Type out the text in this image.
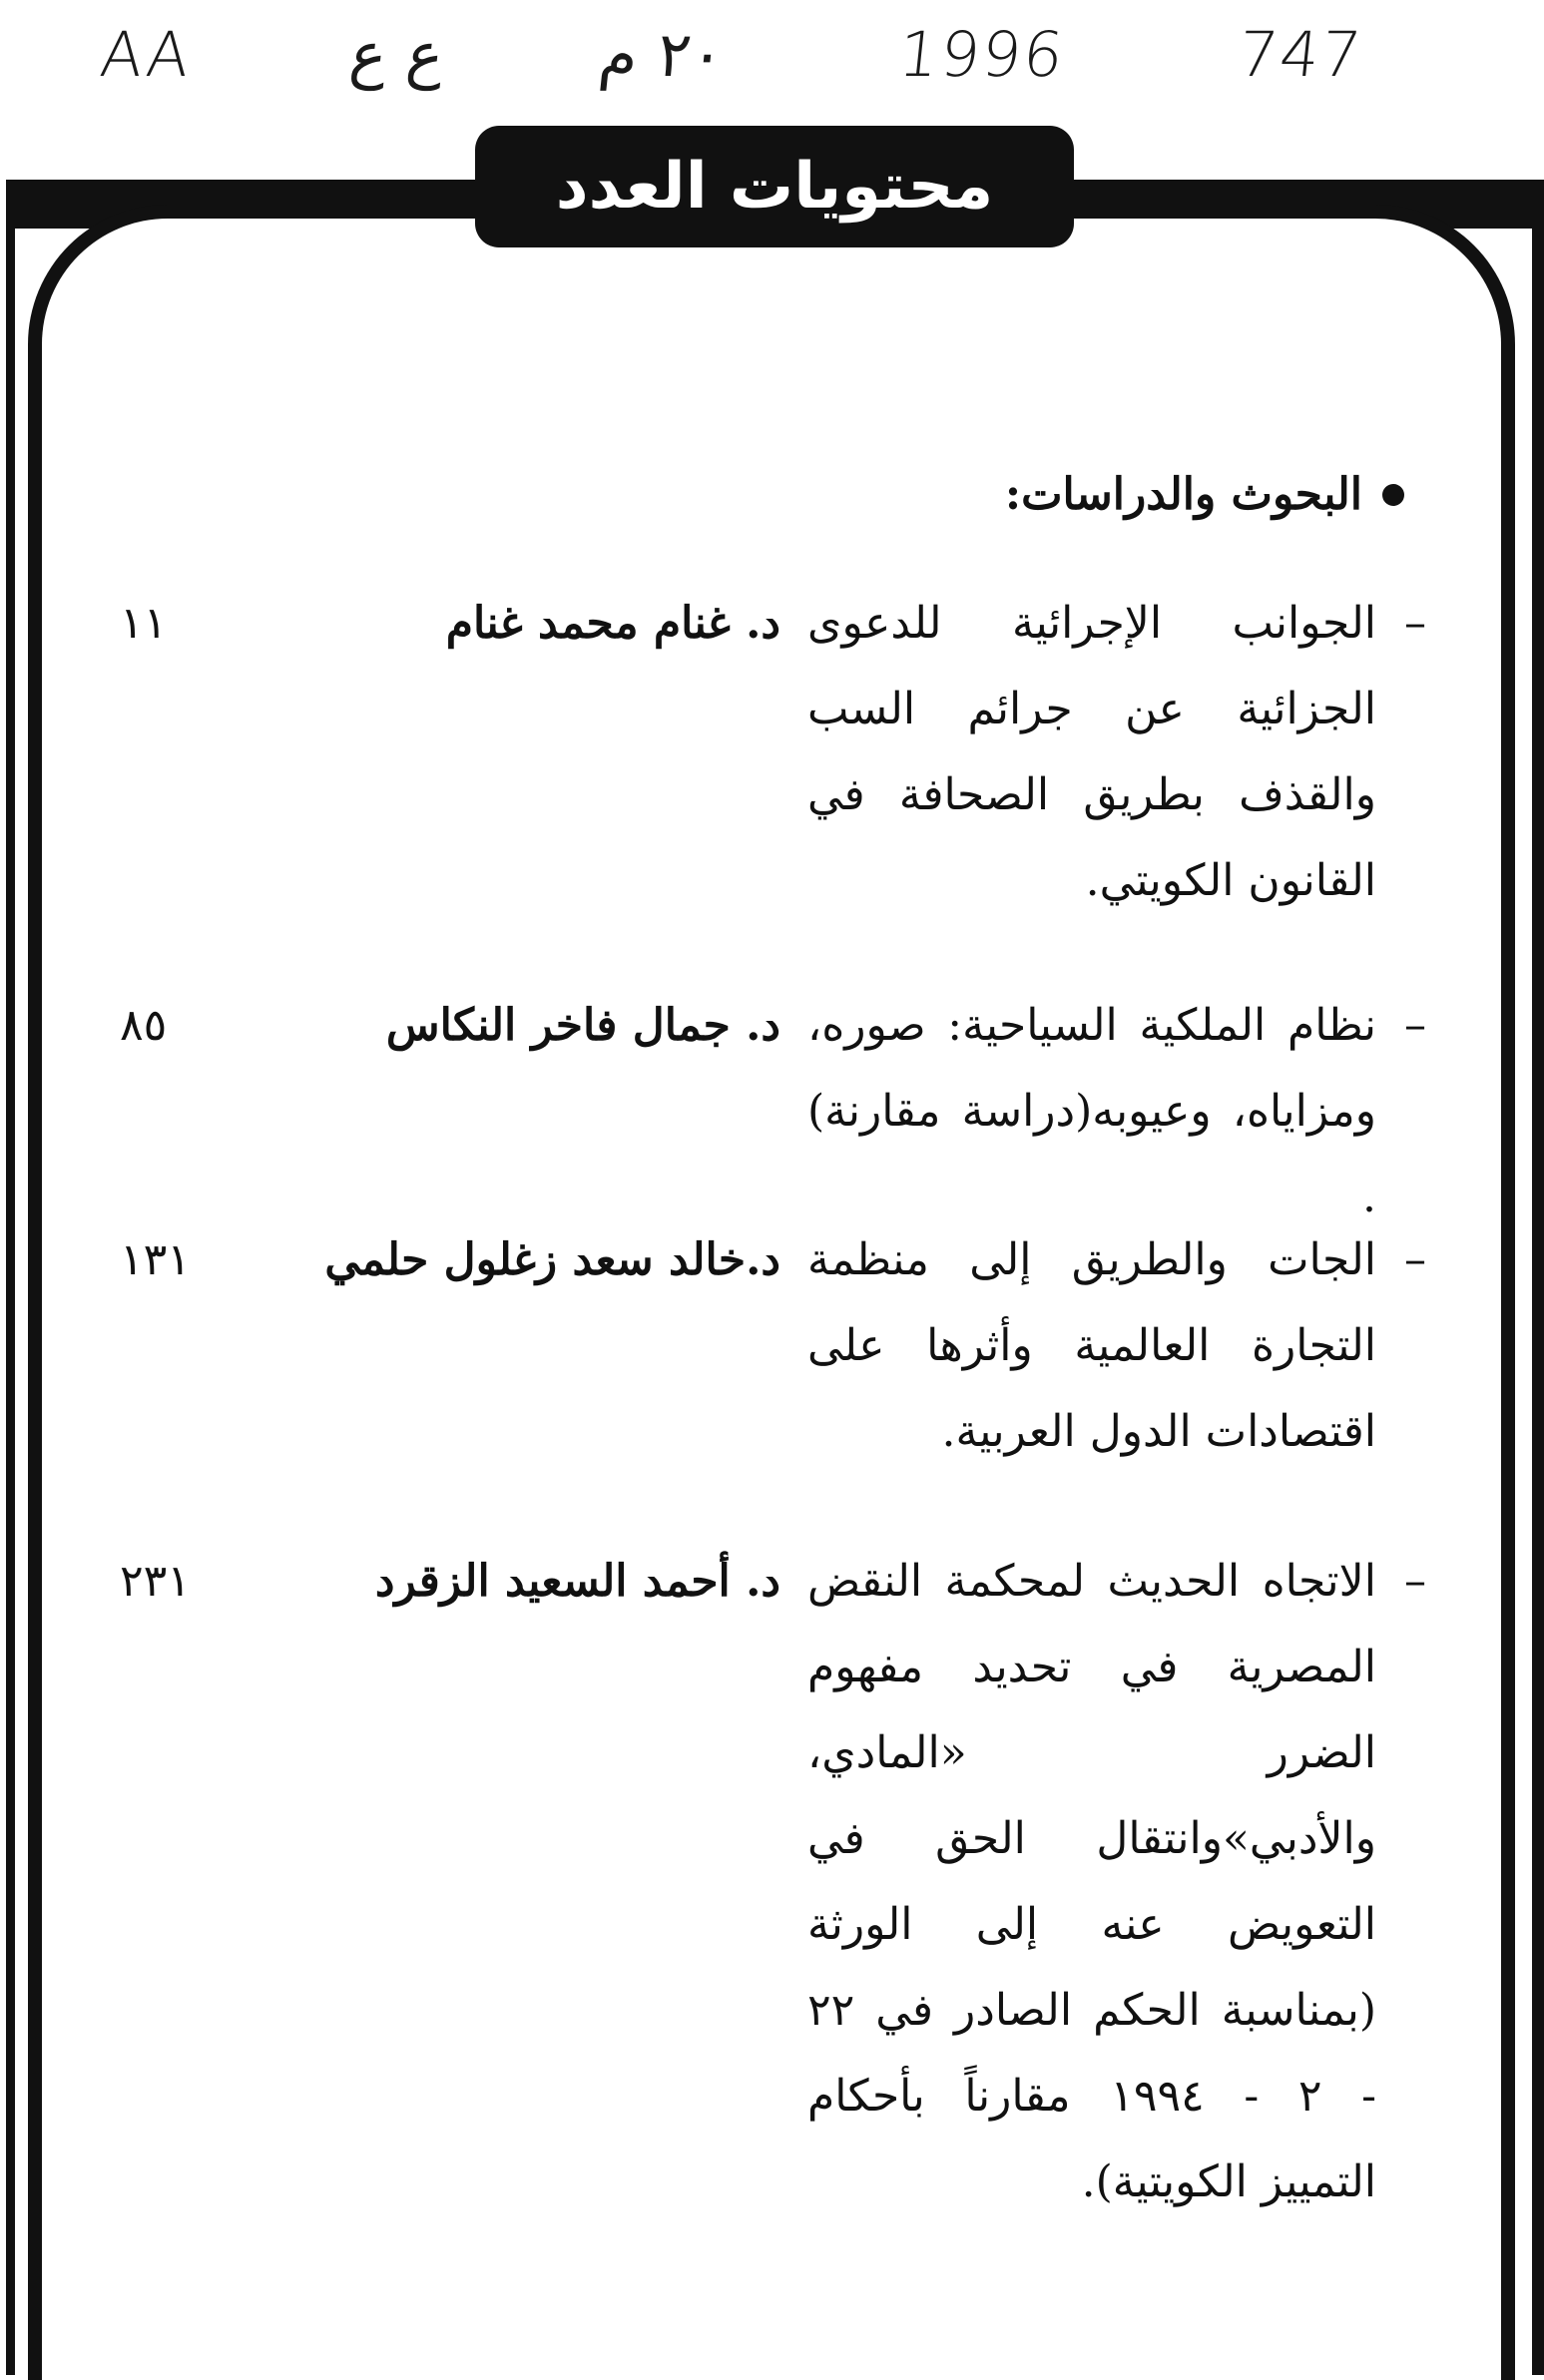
AA	ع ع	٢٠ م	1996	747
محتويات العدد
البحوث والدراسات:
–
الجوانب الإجرائية للدعوى الجزائية عن جرائم السب والقذف بطريق الصحافة في القانون الكويتي.
د. غنام محمد غنام
١١
–
نظام الملكية السياحية: صوره، ومزاياه، وعيوبه(دراسة مقارنة) .
د. جمال فاخر النكاس
٨٥
–
الجات والطريق إلى منظمة التجارة العالمية وأثرها على اقتصادات الدول العربية.
د.خالد سعد زغلول حلمي
١٣١
–
الاتجاه الحديث لمحكمة النقض المصرية في تحديد مفهوم الضرر «المادي، والأدبي»وانتقال الحق في التعويض عنه إلى الورثة (بمناسبة الحكم الصادر في ٢٢ - ٢ - ١٩٩٤ مقارناً بأحكام التمييز الكويتية).
د. أحمد السعيد الزقرد
٢٣١
